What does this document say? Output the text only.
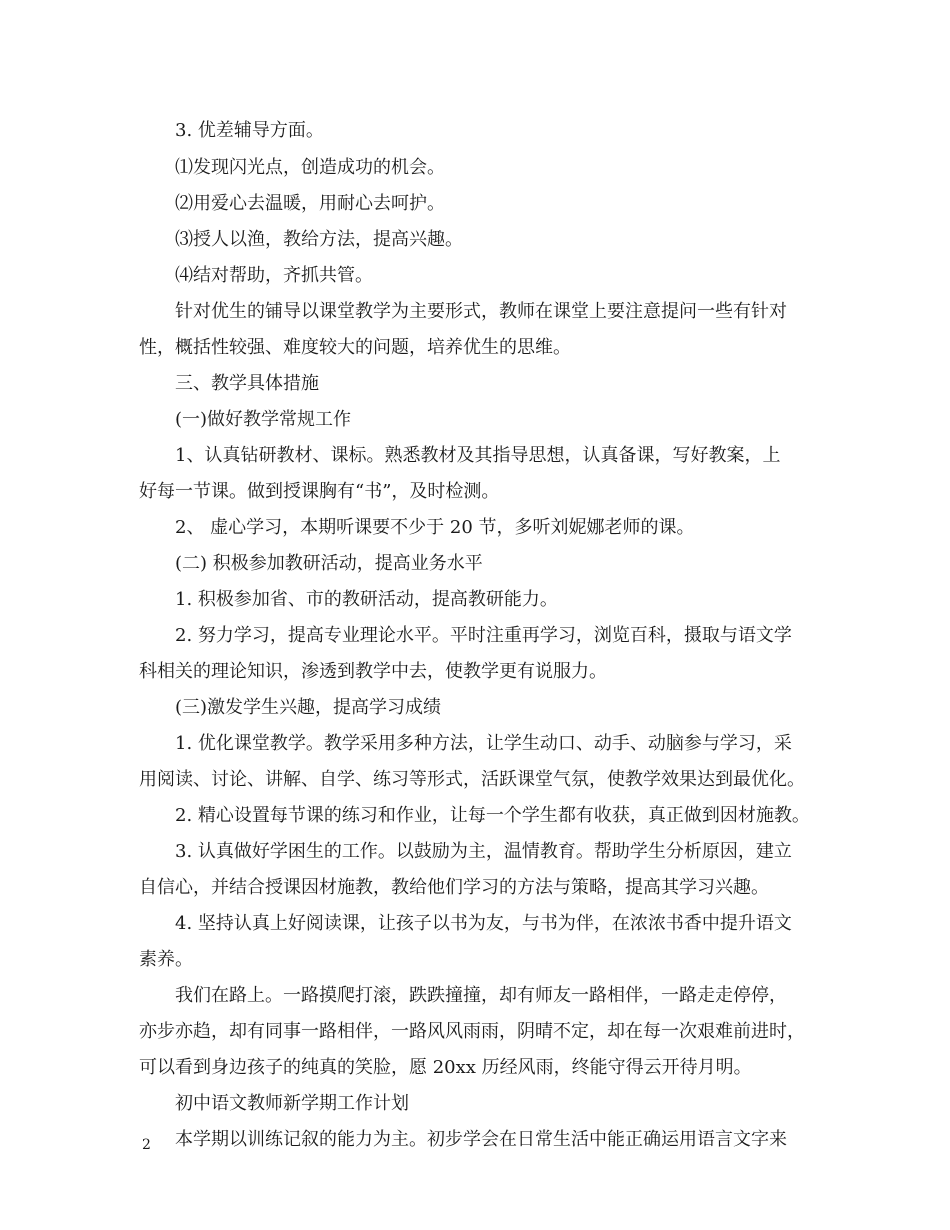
3. 优差辅导方面。
⑴发现闪光点，创造成功的机会。
⑵用爱心去温暖，用耐心去呵护。
⑶授人以渔，教给方法，提高兴趣。
⑷结对帮助，齐抓共管。
针对优生的铺导以课堂教学为主要形式，教师在课堂上要注意提问一些有针对
性，概括性较强、难度较大的问题，培养优生的思维。
三、教学具体措施
(一)做好教学常规工作
1、认真钻研教材、课标。熟悉教材及其指导思想，认真备课，写好教案，上
好每一节课。做到授课胸有“书”，及时检测。
2、 虚心学习，本期听课要不少于 20 节，多听刘妮娜老师的课。
(二) 积极参加教研活动，提高业务水平
1. 积极参加省、市的教研活动，提高教研能力。
2. 努力学习，提高专业理论水平。平时注重再学习，浏览百科，摄取与语文学
科相关的理论知识，渗透到教学中去，使教学更有说服力。
(三)激发学生兴趣，提高学习成绩
1. 优化课堂教学。教学采用多种方法，让学生动口、动手、动脑参与学习，采
用阅读、讨论、讲解、自学、练习等形式，活跃课堂气氛，使教学效果达到最优化。
2. 精心设置每节课的练习和作业，让每一个学生都有收获，真正做到因材施教。
3. 认真做好学困生的工作。以鼓励为主，温情教育。帮助学生分析原因，建立
自信心，并结合授课因材施教，教给他们学习的方法与策略，提高其学习兴趣。
4. 坚持认真上好阅读课，让孩子以书为友，与书为伴，在浓浓书香中提升语文
素养。
我们在路上。一路摸爬打滚，跌跌撞撞，却有师友一路相伴，一路走走停停，
亦步亦趋，却有同事一路相伴，一路风风雨雨，阴晴不定，却在每一次艰难前进时，
可以看到身边孩子的纯真的笑脸，愿 20xx 历经风雨，终能守得云开待月明。
初中语文教师新学期工作计划
本学期以训练记叙的能力为主。初步学会在日常生活中能正确运用语言文字来
2
